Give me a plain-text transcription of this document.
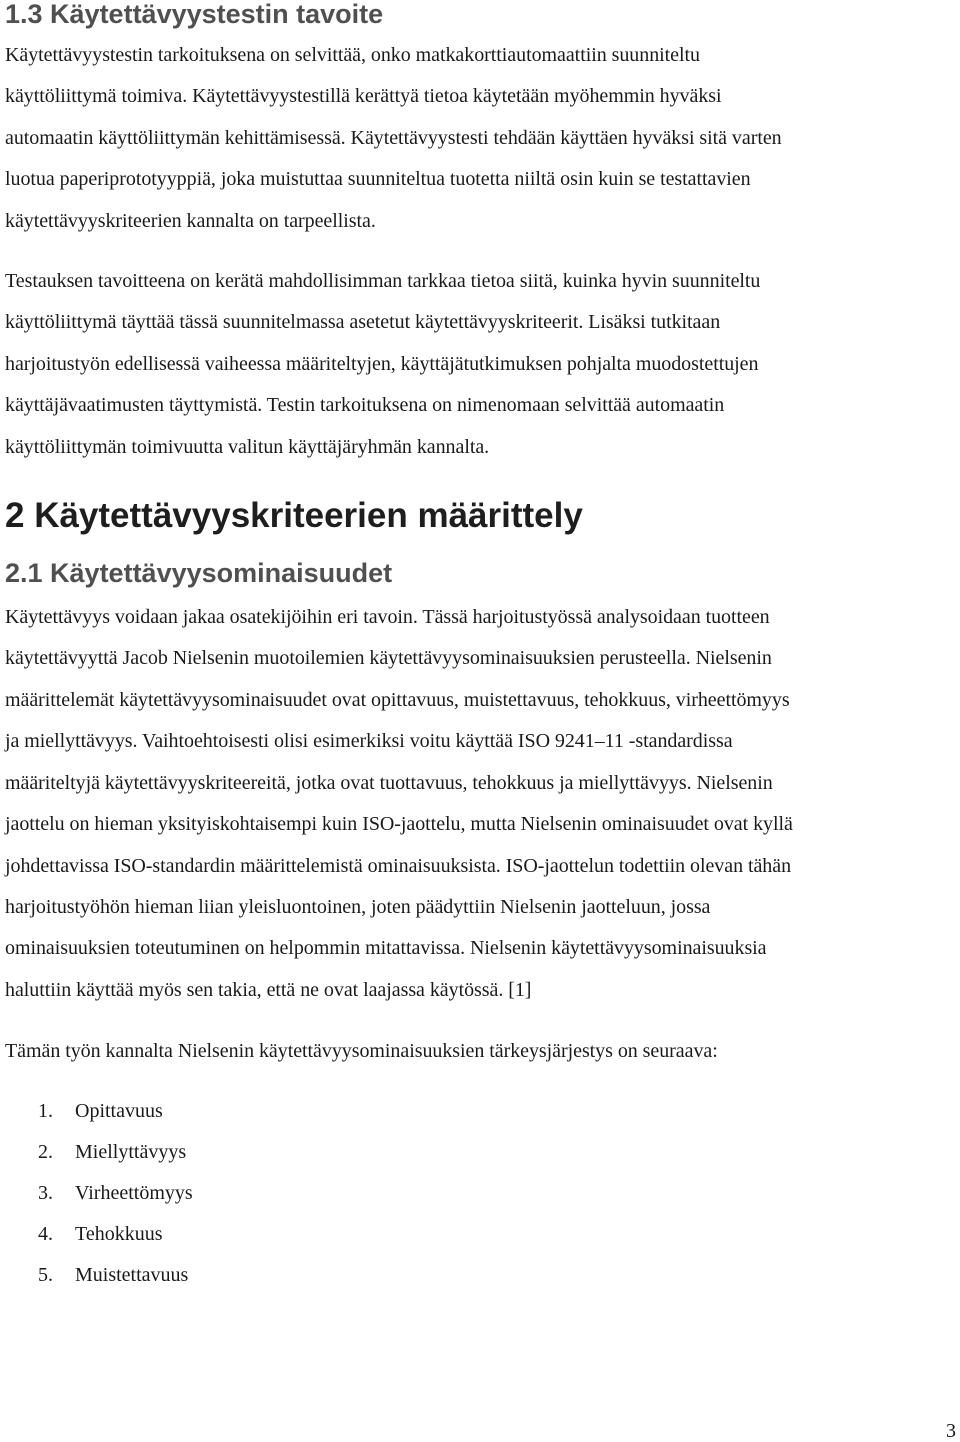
1.3 Käytettävyystestin tavoite

Käytettävyystestin tarkoituksena on selvittää, onko matkakorttiautomaattiin suunniteltu
käyttöliittymä toimiva. Käytettävyystestillä kerättyä tietoa käytetään myöhemmin hyväksi
automaatin käyttöliittymän kehittämisessä. Käytettävyystesti tehdään käyttäen hyväksi sitä varten
luotua paperiprototyyppiä, joka muistuttaa suunniteltua tuotetta niiltä osin kuin se testattavien
käytettävyyskriteerien kannalta on tarpeellista.

Testauksen tavoitteena on kerätä mahdollisimman tarkkaa tietoa siitä, kuinka hyvin suunniteltu
käyttöliittymä täyttää tässä suunnitelmassa asetetut käytettävyyskriteerit. Lisäksi tutkitaan
harjoitustyön edellisessä vaiheessa määriteltyjen, käyttäjätutkimuksen pohjalta muodostettujen
käyttäjävaatimusten täyttymistä. Testin tarkoituksena on nimenomaan selvittää automaatin
käyttöliittymän toimivuutta valitun käyttäjäryhmän kannalta.

2 Käytettävyyskriteerien määrittely
2.1 Käytettävyysominaisuudet

Käytettävyys voidaan jakaa osatekijöihin eri tavoin. Tässä harjoitustyössä analysoidaan tuotteen
käytettävyyttä Jacob Nielsenin muotoilemien käytettävyysominaisuuksien perusteella. Nielsenin
määrittelemät käytettävyysominaisuudet ovat opittavuus, muistettavuus, tehokkuus, virheettömyys
ja miellyttävyys. Vaihtoehtoisesti olisi esimerkiksi voitu käyttää ISO 9241–11 -standardissa
määriteltyjä käytettävyyskriteereitä, jotka ovat tuottavuus, tehokkuus ja miellyttävyys. Nielsenin
jaottelu on hieman yksityiskohtaisempi kuin ISO-jaottelu, mutta Nielsenin ominaisuudet ovat kyllä
johdettavissa ISO-standardin määrittelemistä ominaisuuksista. ISO-jaottelun todettiin olevan tähän
harjoitustyöhön hieman liian yleisluontoinen, joten päädyttiin Nielsenin jaotteluun, jossa
ominaisuuksien toteutuminen on helpommin mitattavissa. Nielsenin käytettävyysominaisuuksia
haluttiin käyttää myös sen takia, että ne ovat laajassa käytössä. [1]

Tämän työn kannalta Nielsenin käytettävyysominaisuuksien tärkeysjärjestys on seuraava:

1. Opittavuus
2. Miellyttävyys
3. Virheettömyys
4. Tehokkuus
5. Muistettavuus
3
